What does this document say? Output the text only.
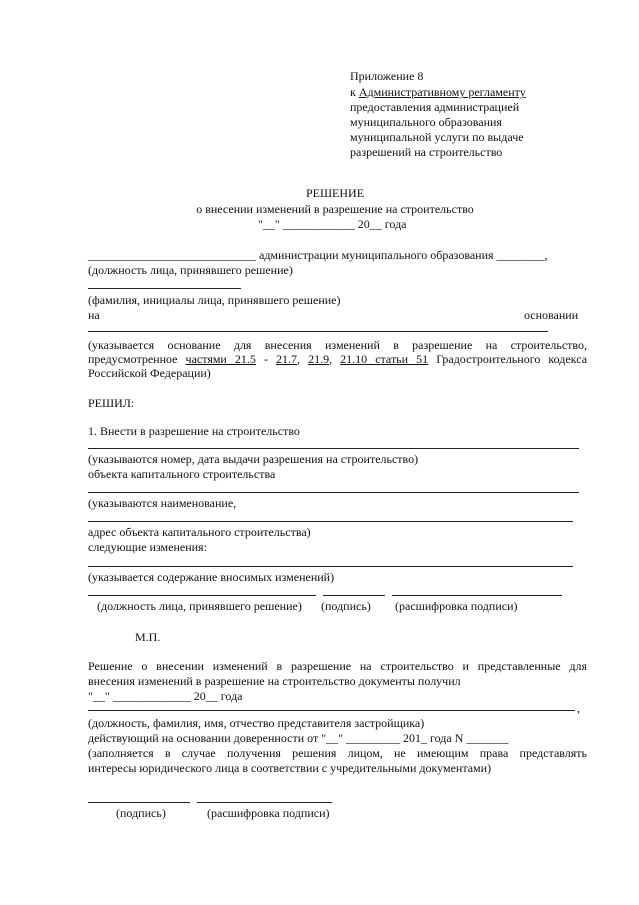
Приложение 8
к Административному регламенту
предоставления администрацией
муниципального образования
муниципальной услуги по выдаче
разрешений на строительство
РЕШЕНИЕ
о внесении изменений в разрешение на строительство
"__" ____________ 20__ года
____________________________ администрации муниципального образования ________,
(должность лица, принявшего решение)
(фамилия, инициалы лица, принявшего решение)
на	основании
(указывается основание для внесения изменений в разрешение на строительство, предусмотренное частями 21.5 - 21.7, 21.9, 21.10 статьи 51 Градостроительного кодекса Российской Федерации)
РЕШИЛ:
1. Внести в разрешение на строительство
(указываются номер, дата выдачи разрешения на строительство)
объекта капитального строительства
(указываются наименование,
адрес объекта капитального строительства)
следующие изменения:
(указывается содержание вносимых изменений)
(должность лица, принявшего решение) (подпись) (расшифровка подписи)
М.П.
Решение о внесении изменений в разрешение на строительство и представленные для
внесения изменений в разрешение на строительство документы получил
"__" _____________ 20__ года
,
(должность, фамилия, имя, отчество представителя застройщика)
действующий на основании доверенности от "__" _________ 201_ года N _______
(заполняется в случае получения решения лицом, не имеющим права представлять
интересы юридического лица в соответствии с учредительными документами)
(подпись)	(расшифровка подписи)
